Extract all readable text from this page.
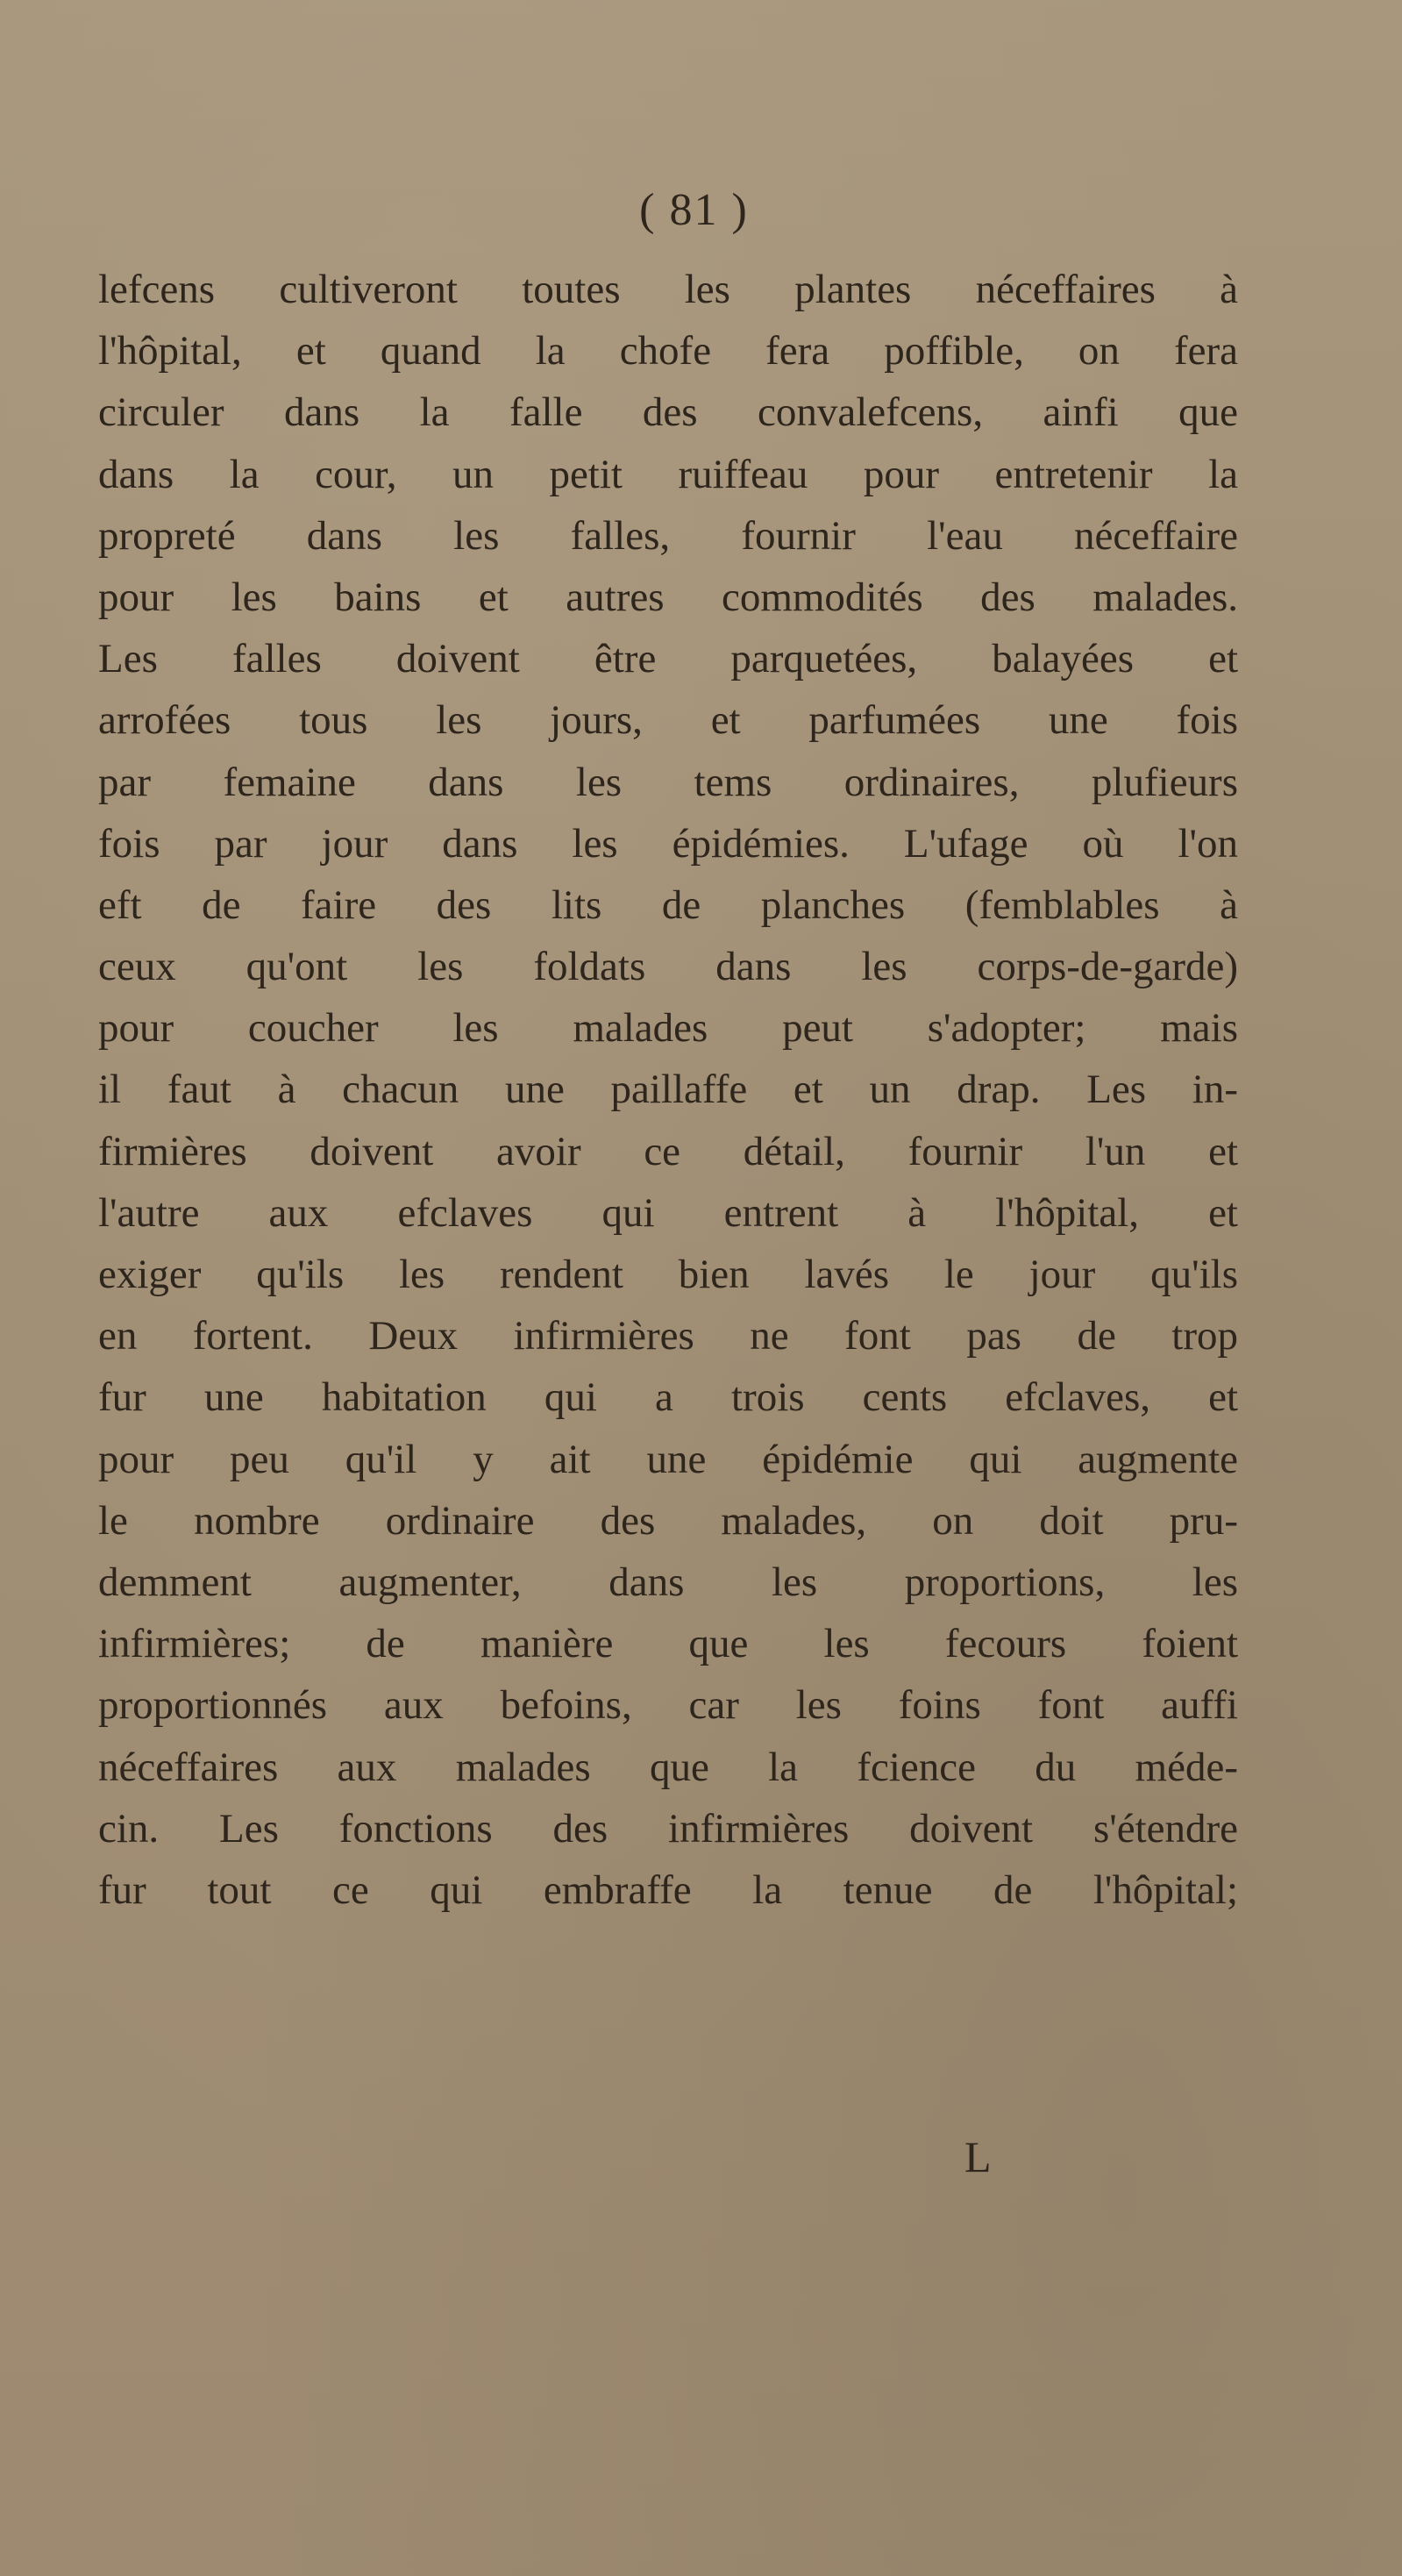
( 81 )
lefcens cultiveront toutes les plantes néceffaires à
l'hôpital, et quand la chofe fera poffible, on fera
circuler dans la falle des convalefcens, ainfi que
dans la cour, un petit ruiffeau pour entretenir la
propreté dans les falles, fournir l'eau néceffaire
pour les bains et autres commodités des malades.
Les falles doivent être parquetées, balayées et
arrofées tous les jours, et parfumées une fois
par femaine dans les tems ordinaires, plufieurs
fois par jour dans les épidémies. L'ufage où l'on
eft de faire des lits de planches (femblables à
ceux qu'ont les foldats dans les corps-de-garde)
pour coucher les malades peut s'adopter; mais
il faut à chacun une paillaffe et un drap. Les in-
firmières doivent avoir ce détail, fournir l'un et
l'autre aux efclaves qui entrent à l'hôpital, et
exiger qu'ils les rendent bien lavés le jour qu'ils
en fortent. Deux infirmières ne font pas de trop
fur une habitation qui a trois cents efclaves, et
pour peu qu'il y ait une épidémie qui augmente
le nombre ordinaire des malades, on doit pru-
demment augmenter, dans les proportions, les
infirmières; de manière que les fecours foient
proportionnés aux befoins, car les foins font auffi
néceffaires aux malades que la fcience du méde-
cin. Les fonctions des infirmières doivent s'étendre
fur tout ce qui embraffe la tenue de l'hôpital;
L
